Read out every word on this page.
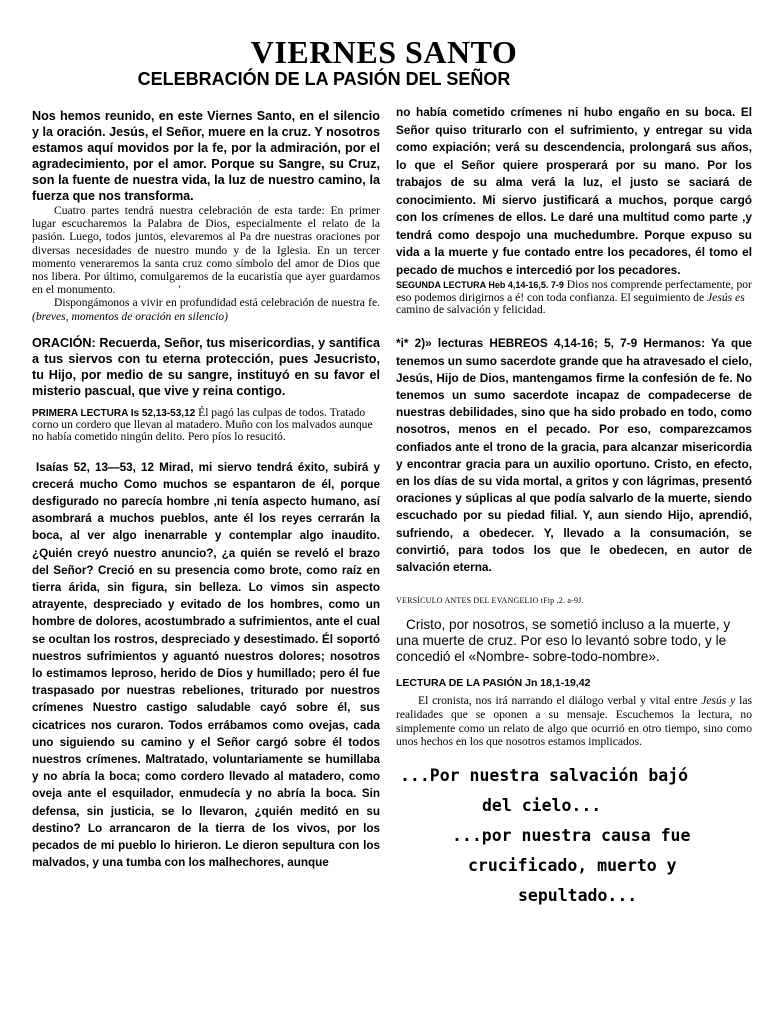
VIERNES SANTO
CELEBRACIÓN DE LA PASIÓN DEL SEÑOR

Nos hemos reunido, en este Viernes Santo, en el silencio y la oración. Jesús, el Señor, muere en la cruz. Y nosotros estamos aquí movidos por la fe, por la admiración, por el agradecimiento, por el amor. Porque su Sangre, su Cruz, son la fuente de nuestra vida, la luz de nuestro camino, la fuerza que nos transforma.

Cuatro partes tendrá nuestra celebración de esta tarde: En primer lugar escucharemos la Palabra de Dios, especialmente el relato de la pasión. Luego, todos juntos, elevaremos al Pa dre nuestras oraciones por diversas necesidades de nuestro mundo y de la Iglesia. En un tercer momento veneraremos la santa cruz como símbolo del amor de Dios que nos libera. Por último, comulgaremos de la eucaristía que ayer guardamos en el monumento.	'

Dispongámonos a vivir en profundidad está celebración de nuestra fe. (breves, momentos de oración en silencio)

ORACIÓN: Recuerda, Señor, tus misericordias, y santifica a tus siervos con tu eterna protección, pues Jesucristo, tu Hijo, por medio de su sangre, instituyó en su favor el misterio pascual, que vive y reina contigo.

PRIMERA LECTURA Is 52,13-53,12 Él pagó las culpas de todos. Tratado corno un cordero que llevan al matadero. Muño con los malvados aunque no había cometido ningún delito. Pero píos lo resucitó.

Isaías 52, 13—53, 12 Mirad, mi siervo tendrá éxito, subirá y crecerá mucho Como muchos se espantaron de él, porque desfigurado no parecía hombre ,ni tenía aspecto humano, así asombrará a muchos pueblos, ante él los reyes cerrarán la boca, al ver algo inenarrable y contemplar algo inaudito. ¿Quién creyó nuestro anuncio?, ¿a quién se reveló el brazo del Señor? Creció en su presencia como brote, como raíz en tierra árida, sin figura, sin belleza. Lo vimos sin aspecto atrayente, despreciado y evitado de los hombres, como un hombre de dolores, acostumbrado a sufrimientos, ante el cual se ocultan los rostros, despreciado y desestimado. Él soportó nuestros sufrimientos y aguantó nuestros dolores; nosotros lo estimamos leproso, herido de Dios y humillado; pero él fue traspasado por nuestras rebeliones, triturado por nuestros crímenes Nuestro castigo saludable cayó sobre él, sus cicatrices nos curaron. Todos errábamos como ovejas, cada uno siguiendo su camino y el Señor cargó sobre él todos nuestros crímenes. Maltratado, voluntariamente se humillaba y no abría la boca; como cordero llevado al matadero, como oveja ante el esquilador, enmudecía y no abría la boca. Sin defensa, sin justicia, se lo llevaron, ¿quién meditó en su destino? Lo arrancaron de la tierra de los vivos, por los pecados de mi pueblo lo hirieron. Le dieron sepultura con los malvados, y una tumba con los malhechores, aunque

no había cometido crímenes ni hubo engaño en su boca. El Señor quiso triturarlo con el sufrimiento, y entregar su vida como expiación; verá su descendencia, prolongará sus años, lo que el Señor quiere prosperará por su mano. Por los trabajos de su alma verá la luz, el justo se saciará de conocimiento. Mi siervo justificará a muchos, porque cargó con los crímenes de ellos. Le daré una multitud como parte ,y tendrá como despojo una muchedumbre. Porque expuso su vida a la muerte y fue contado entre los pecadores, él tomo el pecado de muchos e intercedió por los pecadores.

SEGUNDA LECTURA Heb 4,14-16,5. 7-9 Dios nos comprende perfectamente, por eso podemos dirigirnos a é! con toda confianza. El seguimiento de Jesús es camino de salvación y felicidad.

*i* 2)» lecturas HEBREOS 4,14-16; 5, 7-9 Hermanos: Ya que tenemos un sumo sacerdote grande que ha atravesado el cielo, Jesús, Hijo de Dios, mantengamos firme la confesión de fe. No tenemos un sumo sacerdote incapaz de compadecerse de nuestras debilidades, sino que ha sido probado en todo, como nosotros, menos en el pecado. Por eso, comparezcamos confiados ante el trono de la gracia, para alcanzar misericordia y encontrar gracia para un auxilio oportuno. Cristo, en efecto, en los días de su vida mortal, a gritos y con lágrimas, presentó oraciones y súplicas al que podía salvarlo de la muerte, siendo escuchado por su piedad filial. Y, aun siendo Hijo, aprendió, sufriendo, a obedecer. Y, llevado a la consumación, se convirtió, para todos los que le obedecen, en autor de salvación eterna.

VERSÍCULO ANTES DEL EVANGELIO tFip .2. a-9J.

Cristo, por nosotros, se sometió incluso a la muerte, y una muerte de cruz. Por eso lo levantó sobre todo, y le concedió el «Nombre- sobre-todo-nombre».

LECTURA DE LA PASIÓN Jn 18,1-19,42

El cronista, nos irá narrando el diálogo verbal y vital entre Jesús y las realidades que se oponen a su mensaje. Escuchemos la lectura, no simplemente como un relato de algo que ocurrió en otro tiempo, sino como unos hechos en los que nosotros estamos implicados.

...Por nuestra salvación bajó

del cielo...

...por nuestra causa fue

crucificado, muerto y

sepultado...
